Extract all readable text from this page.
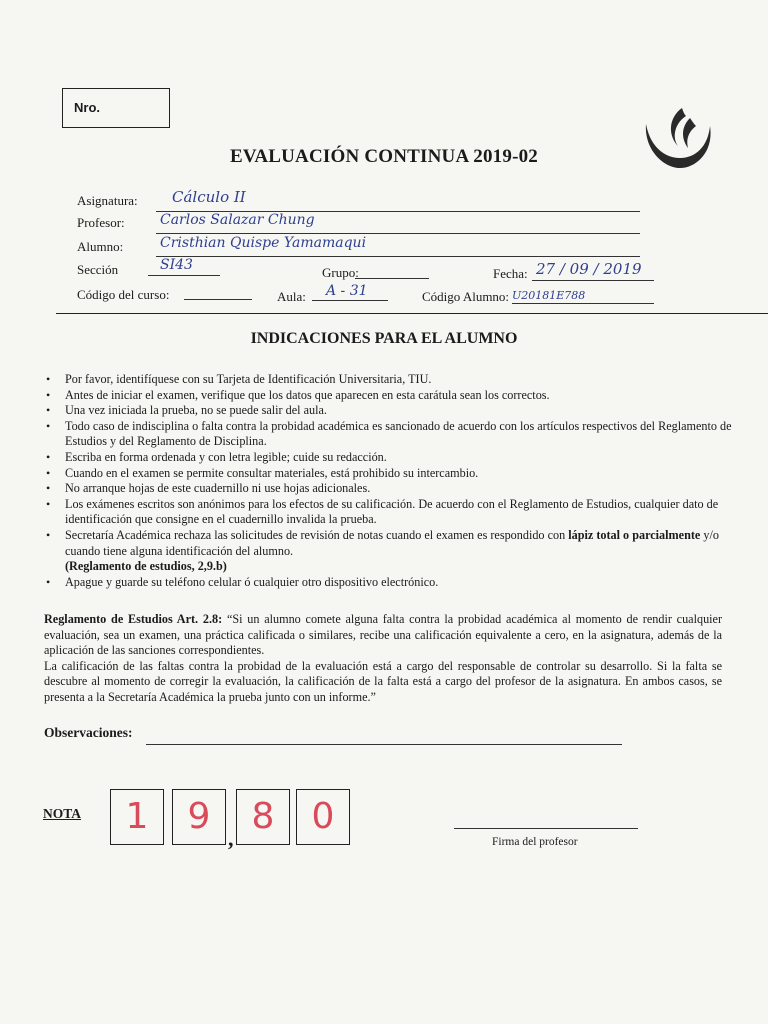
Nro.
EVALUACIÓN CONTINUA 2019-02
Asignatura: Cálculo II
Profesor:	Carlos Salazar Chung
Alumno:	Cristhian Quispe Yamamaqui
Sección	SI43	Grupo:	Fecha: 27 / 09 / 2019
Código del curso:	Aula: A - 31	Código Alumno: U20181E788
INDICACIONES PARA EL ALUMNO
• Por favor, identifíquese con su Tarjeta de Identificación Universitaria, TIU.
• Antes de iniciar el examen, verifique que los datos que aparecen en esta carátula sean los correctos.
• Una vez iniciada la prueba, no se puede salir del aula.
• Todo caso de indisciplina o falta contra la probidad académica es sancionado de acuerdo con los artículos respectivos del Reglamento de Estudios y del Reglamento de Disciplina.
• Escriba en forma ordenada y con letra legible; cuide su redacción.
• Cuando en el examen se permite consultar materiales, está prohibido su intercambio.
• No arranque hojas de este cuadernillo ni use hojas adicionales.
• Los exámenes escritos son anónimos para los efectos de su calificación. De acuerdo con el Reglamento de Estudios, cualquier dato de identificación que consigne en el cuadernillo invalida la prueba.
• Secretaría Académica rechaza las solicitudes de revisión de notas cuando el examen es respondido con lápiz total o parcialmente y/o cuando tiene alguna identificación del alumno.
(Reglamento de estudios, 2,9.b)
• Apague y guarde su teléfono celular ó cualquier otro dispositivo electrónico.

Reglamento de Estudios Art. 2.8: “Si un alumno comete alguna falta contra la probidad académica al momento de rendir cualquier evaluación, sea un examen, una práctica calificada o similares, recibe una calificación equivalente a cero, en la asignatura, además de la aplicación de las sanciones correspondientes.

La calificación de las faltas contra la probidad de la evaluación está a cargo del responsable de controlar su desarrollo. Si la falta se descubre al momento de corregir la evaluación, la calificación de la falta está a cargo del profesor de la asignatura. En ambos casos, se presenta a la Secretaría Académica la prueba junto con un informe.”

Observaciones:
NOTA	1	9
,
8	0
Firma del profesor
